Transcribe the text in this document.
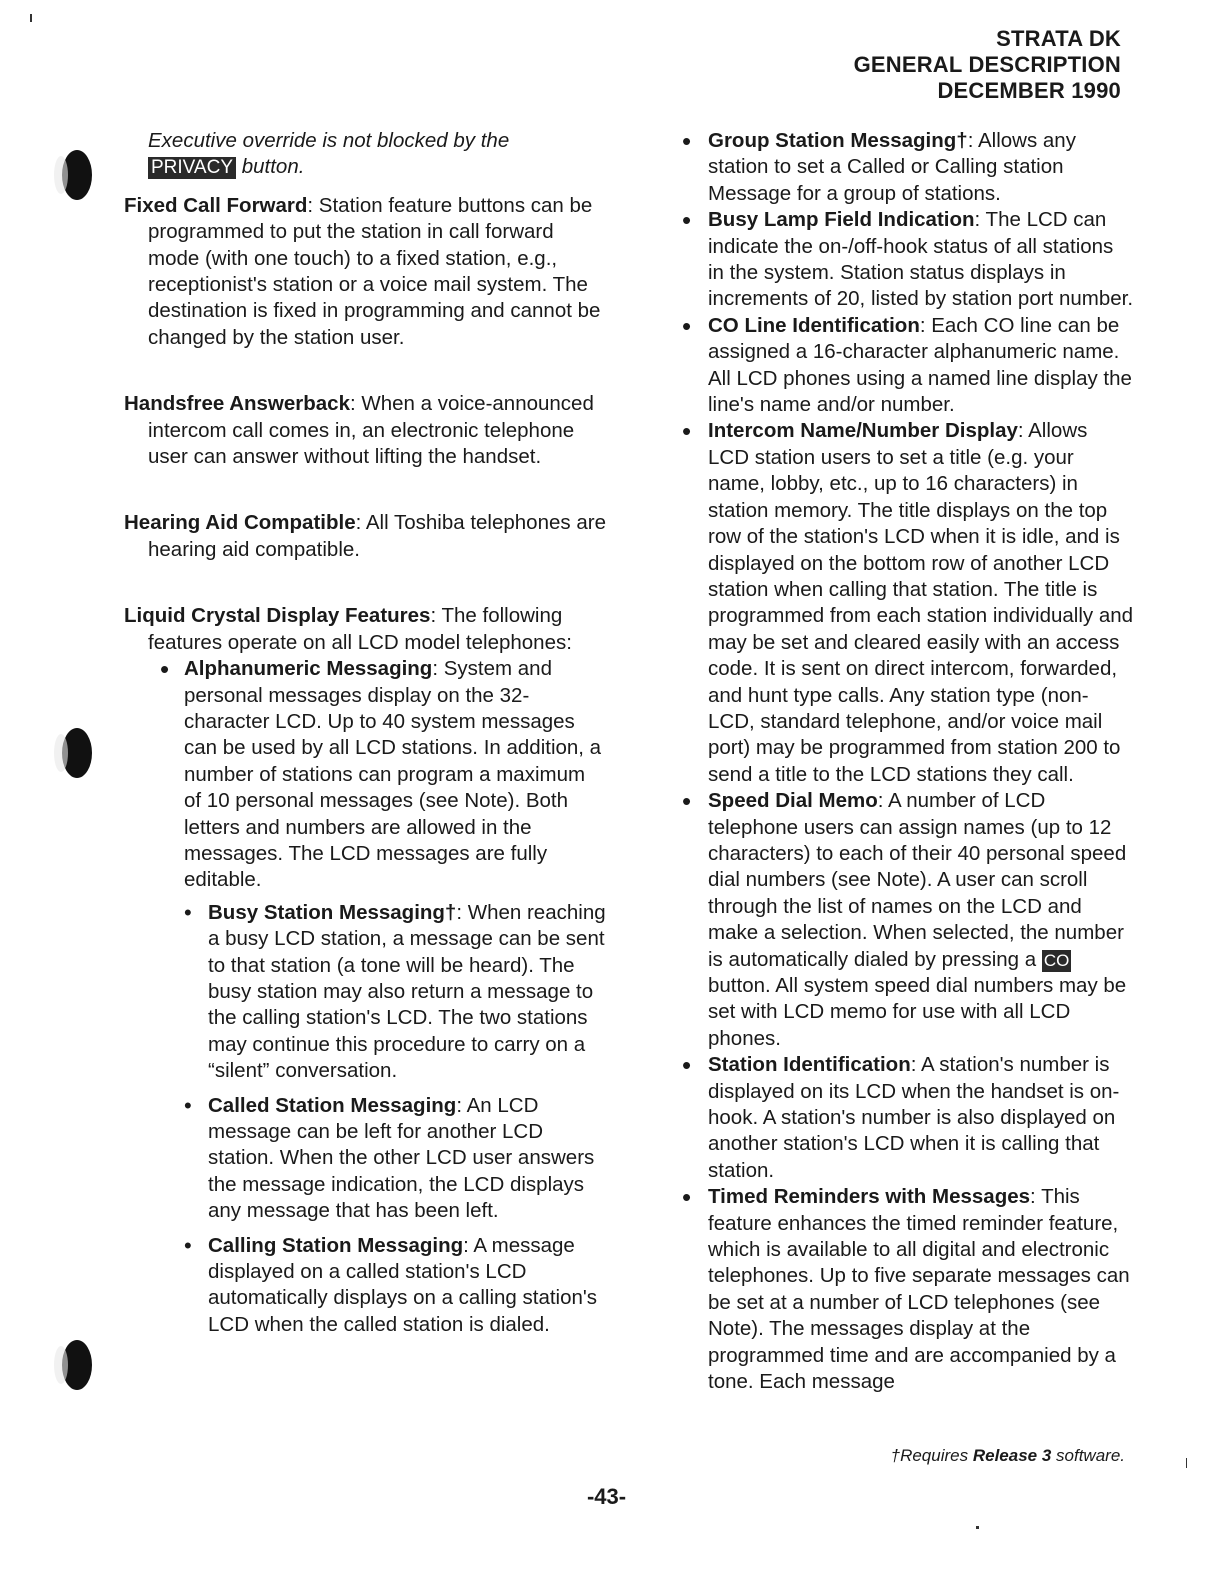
STRATA DK
GENERAL DESCRIPTION
DECEMBER 1990

Executive override is not blocked by the
PRIVACY button.

Fixed Call Forward: Station feature buttons can be programmed to put the station in call forward mode (with one touch) to a fixed station, e.g., receptionist's station or a voice mail system. The destination is fixed in programming and cannot be changed by the station user.

Handsfree Answerback: When a voice-announced intercom call comes in, an electronic telephone user can answer without lifting the handset.

Hearing Aid Compatible: All Toshiba telephones are hearing aid compatible.

Liquid Crystal Display Features: The following features operate on all LCD model telephones:

• Alphanumeric Messaging: System and personal messages display on the 32-character LCD. Up to 40 system messages can be used by all LCD stations. In addition, a number of stations can program a maximum of 10 personal messages (see Note). Both letters and numbers are allowed in the messages. The LCD messages are fully editable.
• Busy Station Messaging†: When reaching a busy LCD station, a message can be sent to that station (a tone will be heard). The busy station may also return a message to the calling station's LCD. The two stations may continue this procedure to carry on a “silent” conversation.
• Called Station Messaging: An LCD message can be left for another LCD station. When the other LCD user answers the message indication, the LCD displays any message that has been left.
• Calling Station Messaging: A message displayed on a called station's LCD automatically displays on a calling station's LCD when the called station is dialed.
• Group Station Messaging†: Allows any station to set a Called or Calling station Message for a group of stations.
• Busy Lamp Field Indication: The LCD can indicate the on-/off-hook status of all stations in the system. Station status displays in increments of 20, listed by station port number.
• CO Line Identification: Each CO line can be assigned a 16-character alphanumeric name. All LCD phones using a named line display the line's name and/or number.
• Intercom Name/Number Display: Allows LCD station users to set a title (e.g. your name, lobby, etc., up to 16 characters) in station memory. The title displays on the top row of the station's LCD when it is idle, and is displayed on the bottom row of another LCD station when calling that station. The title is programmed from each station individually and may be set and cleared easily with an access code. It is sent on direct intercom, forwarded, and hunt type calls. Any station type (non-LCD, standard telephone, and/or voice mail port) may be programmed from station 200 to send a title to the LCD stations they call.
• Speed Dial Memo: A number of LCD telephone users can assign names (up to 12 characters) to each of their 40 personal speed dial numbers (see Note). A user can scroll through the list of names on the LCD and make a selection. When selected, the number is automatically dialed by pressing a CO button. All system speed dial numbers may be set with LCD memo for use with all LCD phones.
• Station Identification: A station's number is displayed on its LCD when the handset is on-hook. A station's number is also displayed on another station's LCD when it is calling that station.
• Timed Reminders with Messages: This feature enhances the timed reminder feature, which is available to all digital and electronic telephones. Up to five separate messages can be set at a number of LCD telephones (see Note). The messages display at the programmed time and are accompanied by a tone. Each message
†Requires Release 3 software.
-43-
